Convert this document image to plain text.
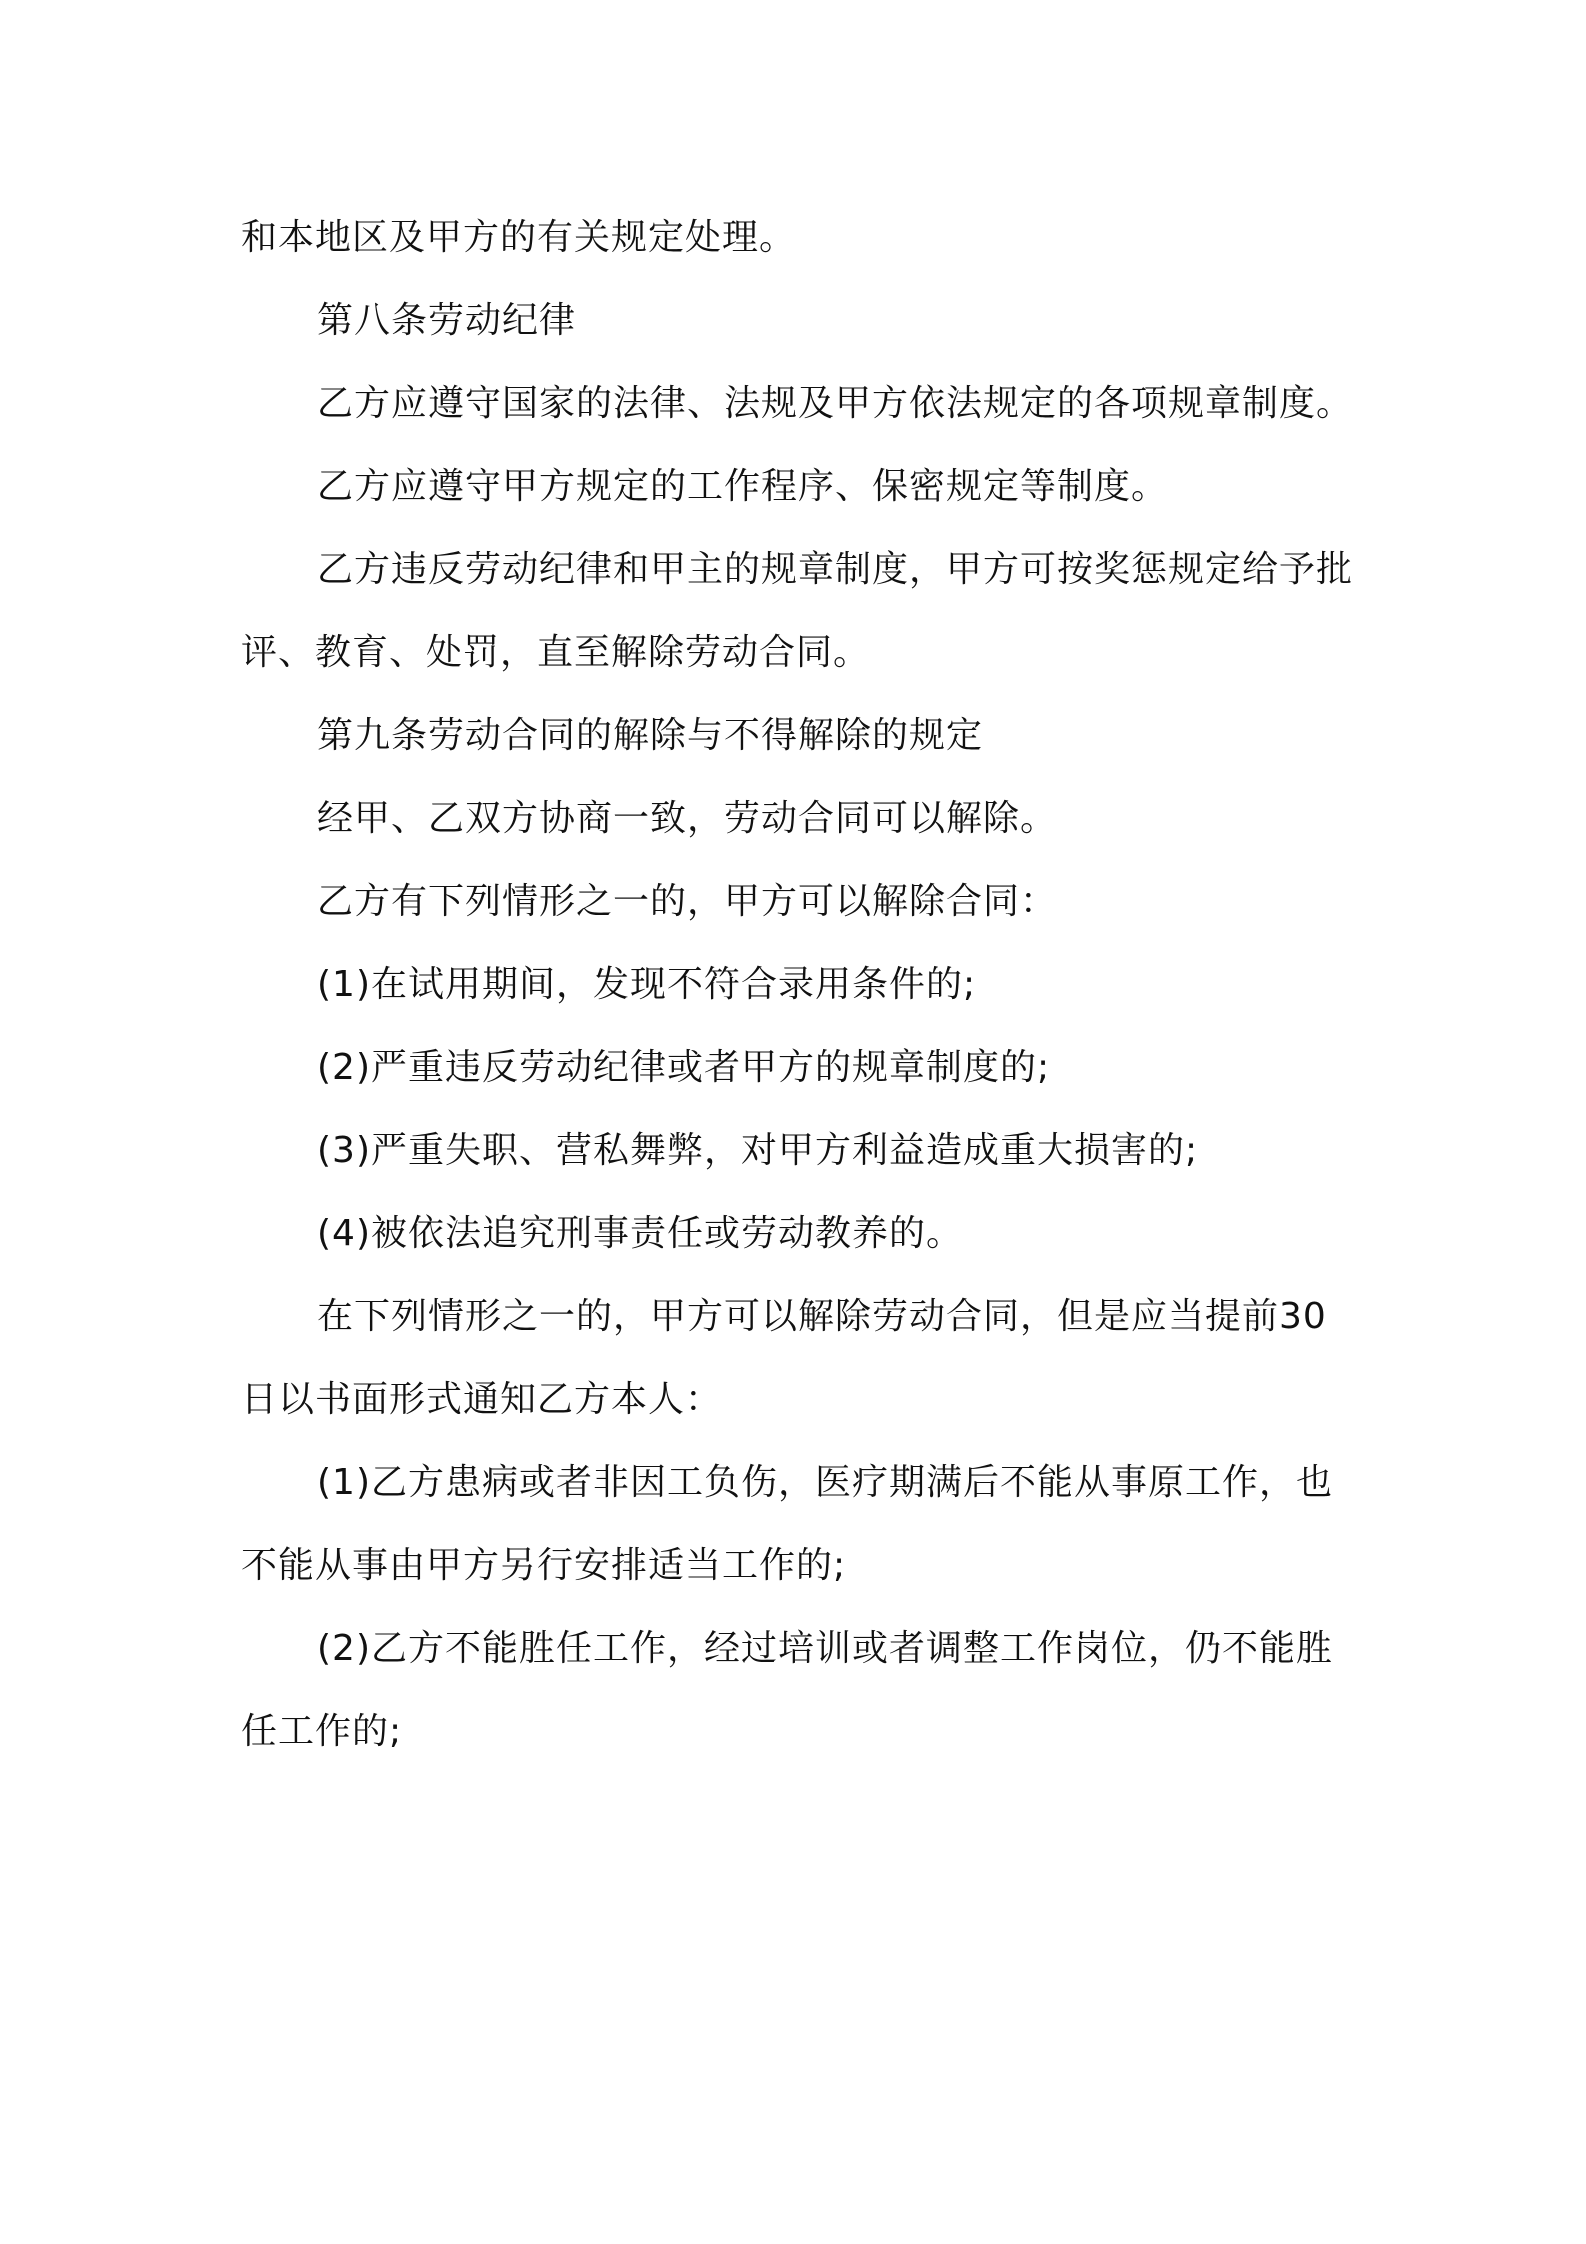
和本地区及甲方的有关规定处理。

第八条劳动纪律

乙方应遵守国家的法律、法规及甲方依法规定的各项规章制度。

乙方应遵守甲方规定的工作程序、保密规定等制度。

乙方违反劳动纪律和甲主的规章制度，甲方可按奖惩规定给予批评、教育、处罚，直至解除劳动合同。

第九条劳动合同的解除与不得解除的规定

经甲、乙双方协商一致，劳动合同可以解除。

乙方有下列情形之一的，甲方可以解除合同：

(1)在试用期间，发现不符合录用条件的;

(2)严重违反劳动纪律或者甲方的规章制度的;

(3)严重失职、营私舞弊，对甲方利益造成重大损害的;

(4)被依法追究刑事责任或劳动教养的。

在下列情形之一的，甲方可以解除劳动合同，但是应当提前30日以书面形式通知乙方本人：

(1)乙方患病或者非因工负伤，医疗期满后不能从事原工作，也不能从事由甲方另行安排适当工作的;

(2)乙方不能胜任工作，经过培训或者调整工作岗位，仍不能胜任工作的;
